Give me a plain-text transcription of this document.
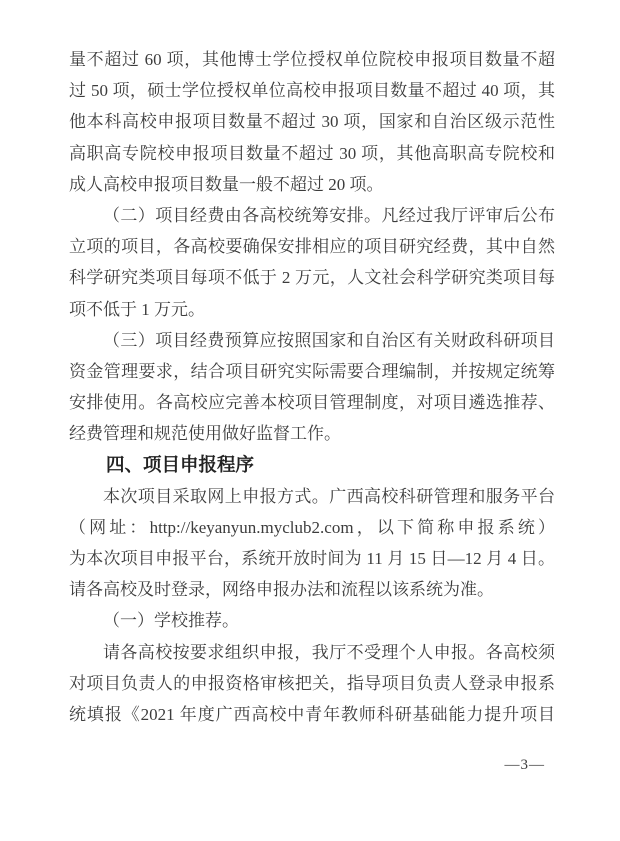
量不超过 60 项，其他博士学位授权单位院校申报项目数量不超
过 50 项，硕士学位授权单位高校申报项目数量不超过 40 项，其
他本科高校申报项目数量不超过 30 项，国家和自治区级示范性
高职高专院校申报项目数量不超过 30 项，其他高职高专院校和
成人高校申报项目数量一般不超过 20 项。
（二）项目经费由各高校统筹安排。凡经过我厅评审后公布
立项的项目，各高校要确保安排相应的项目研究经费，其中自然
科学研究类项目每项不低于 2 万元，人文社会科学研究类项目每
项不低于 1 万元。
（三）项目经费预算应按照国家和自治区有关财政科研项目
资金管理要求，结合项目研究实际需要合理编制，并按规定统筹
安排使用。各高校应完善本校项目管理制度，对项目遴选推荐、
经费管理和规范使用做好监督工作。
四、项目申报程序
本次项目采取网上申报方式。广西高校科研管理和服务平台
（网址：http://keyanyun.myclub2.com，以下简称申报系统）
为本次项目申报平台，系统开放时间为 11 月 15 日—12 月 4 日。
请各高校及时登录，网络申报办法和流程以该系统为准。
（一）学校推荐。
请各高校按要求组织申报，我厅不受理个人申报。各高校须
对项目负责人的申报资格审核把关，指导项目负责人登录申报系
统填报《2021 年度广西高校中青年教师科研基础能力提升项目
—3—
